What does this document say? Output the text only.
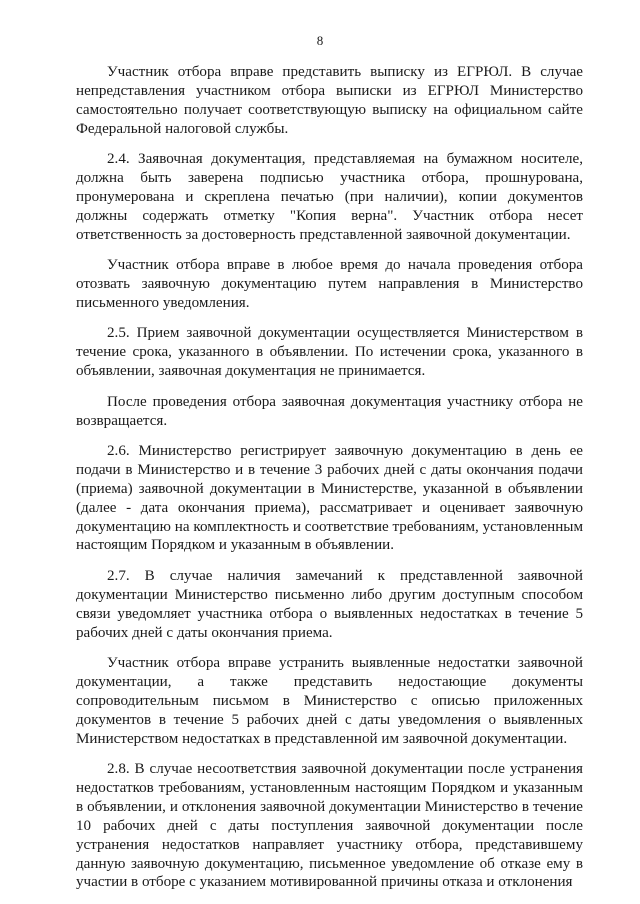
8

Участник отбора вправе представить выписку из ЕГРЮЛ. В случае непредставления участником отбора выписки из ЕГРЮЛ Министерство самостоятельно получает соответствующую выписку на официальном сайте Федеральной налоговой службы.

2.4. Заявочная документация, представляемая на бумажном носителе, должна быть заверена подписью участника отбора, прошнурована, пронумерована и скреплена печатью (при наличии), копии документов должны содержать отметку "Копия верна". Участник отбора несет ответственность за достоверность представленной заявочной документации.

Участник отбора вправе в любое время до начала проведения отбора отозвать заявочную документацию путем направления в Министерство письменного уведомления.

2.5. Прием заявочной документации осуществляется Министерством в течение срока, указанного в объявлении. По истечении срока, указанного в объявлении, заявочная документация не принимается.

После проведения отбора заявочная документация участнику отбора не возвращается.

2.6. Министерство регистрирует заявочную документацию в день ее подачи в Министерство и в течение 3 рабочих дней с даты окончания подачи (приема) заявочной документации в Министерстве, указанной в объявлении (далее - дата окончания приема), рассматривает и оценивает заявочную документацию на комплектность и соответствие требованиям, установленным настоящим Порядком и указанным в объявлении.

2.7. В случае наличия замечаний к представленной заявочной документации Министерство письменно либо другим доступным способом связи уведомляет участника отбора о выявленных недостатках в течение 5 рабочих дней с даты окончания приема.

Участник отбора вправе устранить выявленные недостатки заявочной документации, а также представить недостающие документы сопроводительным письмом в Министерство с описью приложенных документов в течение 5 рабочих дней с даты уведомления о выявленных Министерством недостатках в представленной им заявочной документации.

2.8. В случае несоответствия заявочной документации после устранения недостатков требованиям, установленным настоящим Порядком и указанным в объявлении, и отклонения заявочной документации Министерство в течение 10 рабочих дней с даты поступления заявочной документации после устранения недостатков направляет участнику отбора, представившему данную заявочную документацию, письменное уведомление об отказе ему в участии в отборе с указанием мотивированной причины отказа и отклонения
